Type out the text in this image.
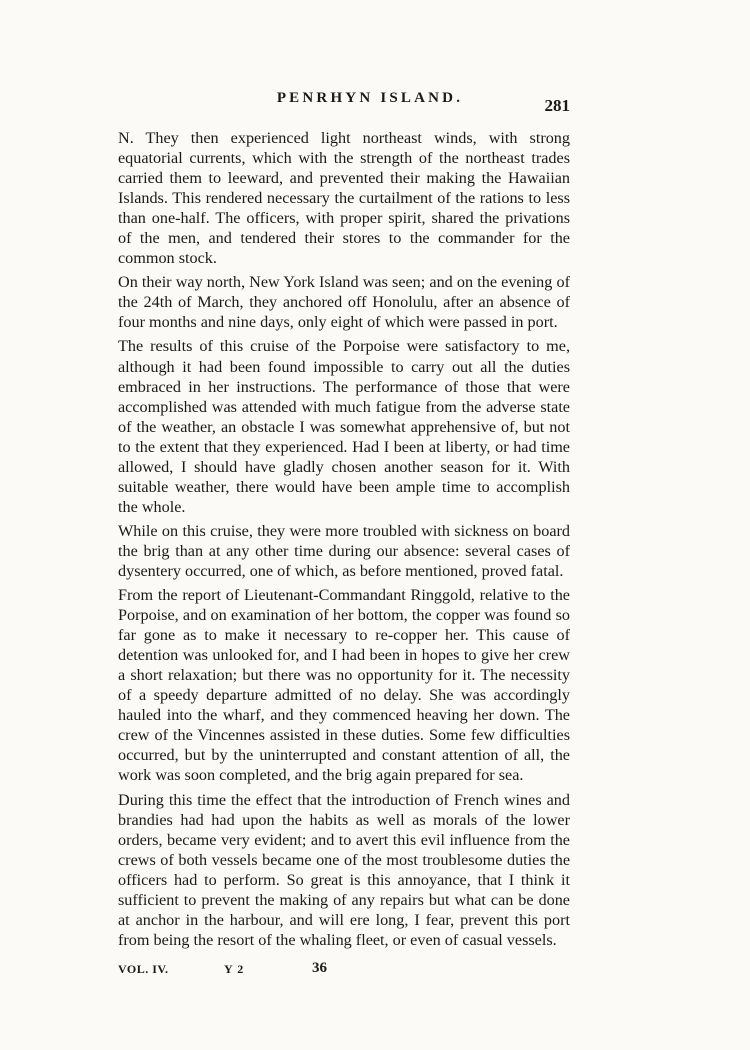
PENRHYN ISLAND.	281

N. They then experienced light northeast winds, with strong equatorial currents, which with the strength of the northeast trades carried them to leeward, and prevented their making the Hawaiian Islands. This rendered necessary the curtailment of the rations to less than one-half. The officers, with proper spirit, shared the privations of the men, and tendered their stores to the commander for the common stock.

On their way north, New York Island was seen; and on the evening of the 24th of March, they anchored off Honolulu, after an absence of four months and nine days, only eight of which were passed in port.

The results of this cruise of the Porpoise were satisfactory to me, although it had been found impossible to carry out all the duties embraced in her instructions. The performance of those that were accomplished was attended with much fatigue from the adverse state of the weather, an obstacle I was somewhat apprehensive of, but not to the extent that they experienced. Had I been at liberty, or had time allowed, I should have gladly chosen another season for it. With suitable weather, there would have been ample time to accomplish the whole.

While on this cruise, they were more troubled with sickness on board the brig than at any other time during our absence: several cases of dysentery occurred, one of which, as before mentioned, proved fatal.

From the report of Lieutenant-Commandant Ringgold, relative to the Porpoise, and on examination of her bottom, the copper was found so far gone as to make it necessary to re-copper her. This cause of detention was unlooked for, and I had been in hopes to give her crew a short relaxation; but there was no opportunity for it. The necessity of a speedy departure admitted of no delay. She was accordingly hauled into the wharf, and they commenced heaving her down. The crew of the Vincennes assisted in these duties. Some few difficulties occurred, but by the uninterrupted and constant attention of all, the work was soon completed, and the brig again prepared for sea.

During this time the effect that the introduction of French wines and brandies had had upon the habits as well as morals of the lower orders, became very evident; and to avert this evil influence from the crews of both vessels became one of the most troublesome duties the officers had to perform. So great is this annoyance, that I think it sufficient to prevent the making of any repairs but what can be done at anchor in the harbour, and will ere long, I fear, prevent this port from being the resort of the whaling fleet, or even of casual vessels.

VOL. IV.	Y 2	36
